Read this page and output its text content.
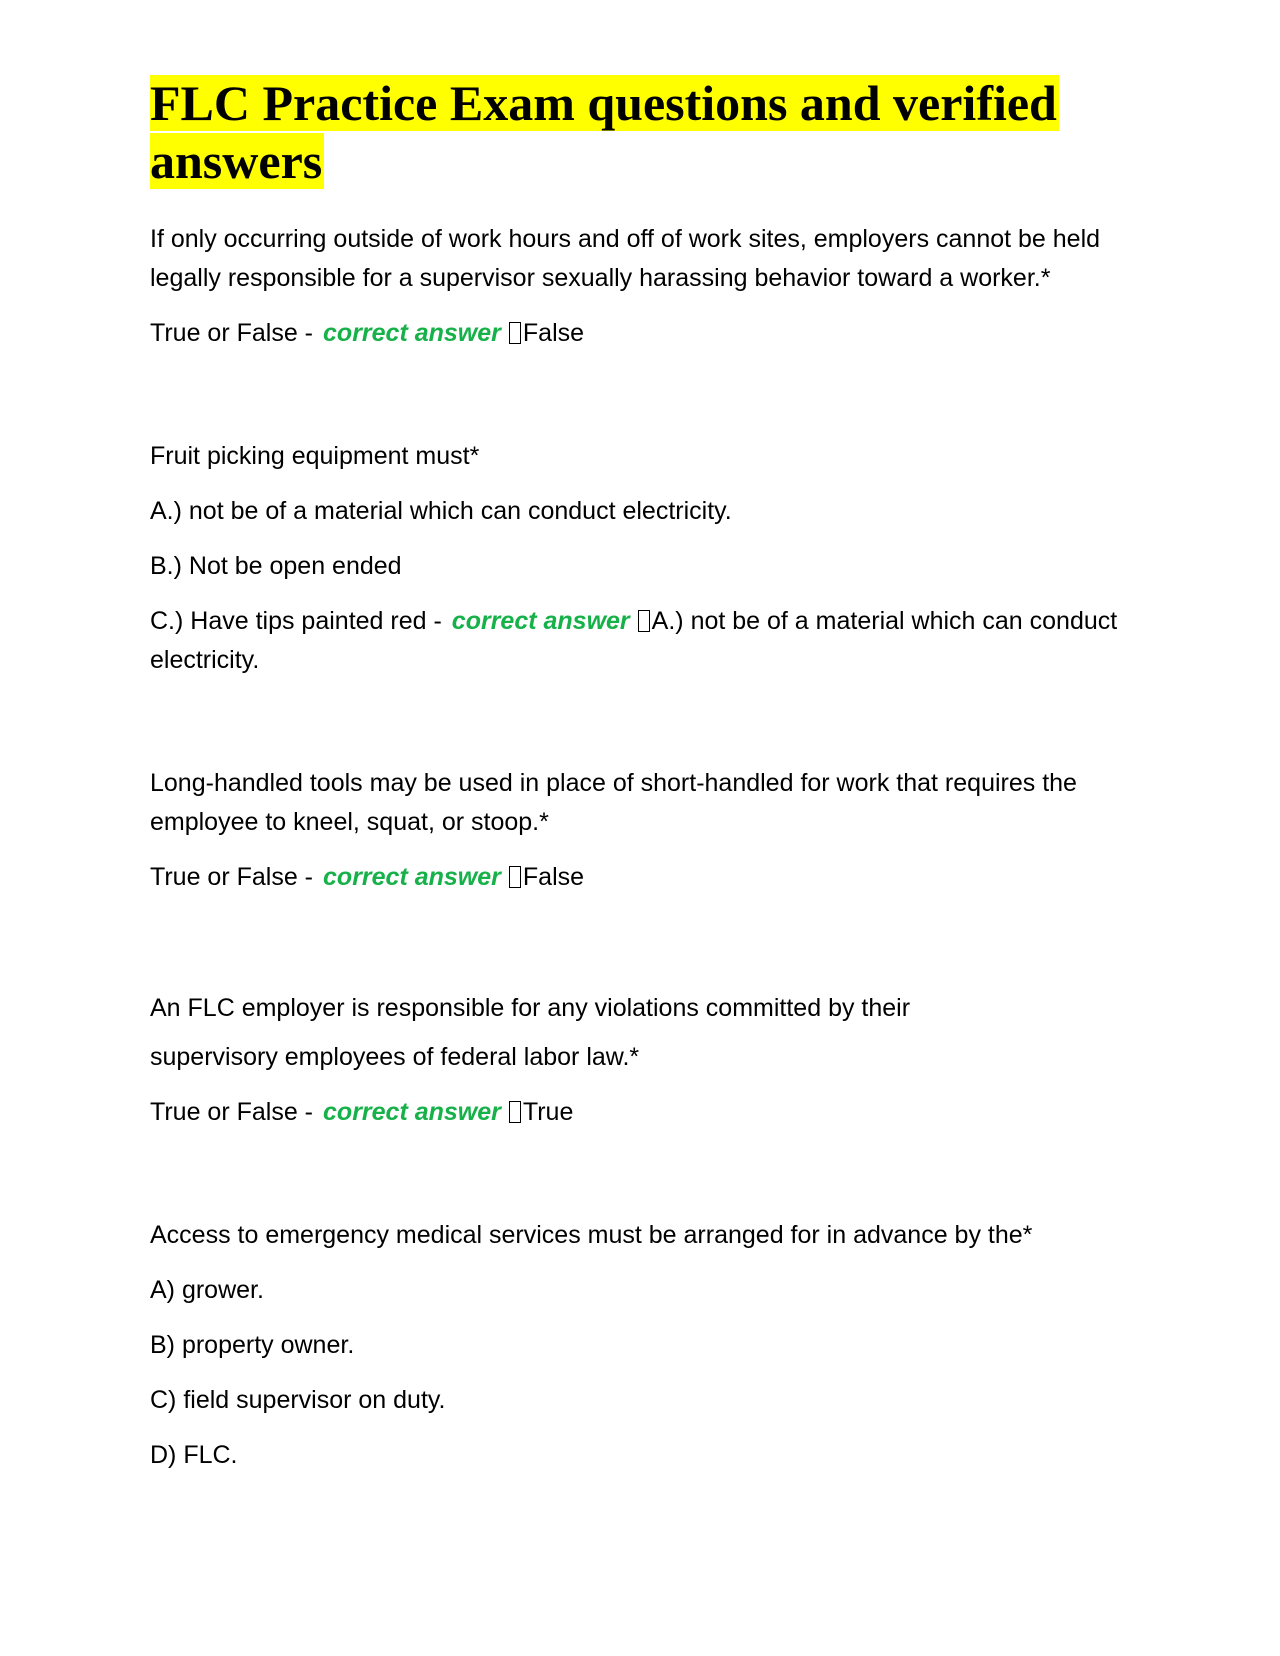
FLC Practice Exam questions and verified answers

If only occurring outside of work hours and off of work sites, employers cannot be held legally responsible for a supervisor sexually harassing behavior toward a worker.*

True or False - correct answer False

Fruit picking equipment must*

A.) not be of a material which can conduct electricity.

B.) Not be open ended

C.) Have tips painted red - correct answer A.) not be of a material which can conduct electricity.

Long-handled tools may be used in place of short-handled for work that requires the employee to kneel, squat, or stoop.*

True or False - correct answer False

An FLC employer is responsible for any violations committed by their

supervisory employees of federal labor law.*

True or False - correct answer True

Access to emergency medical services must be arranged for in advance by the*

A) grower.

B) property owner.

C) field supervisor on duty.

D) FLC.
